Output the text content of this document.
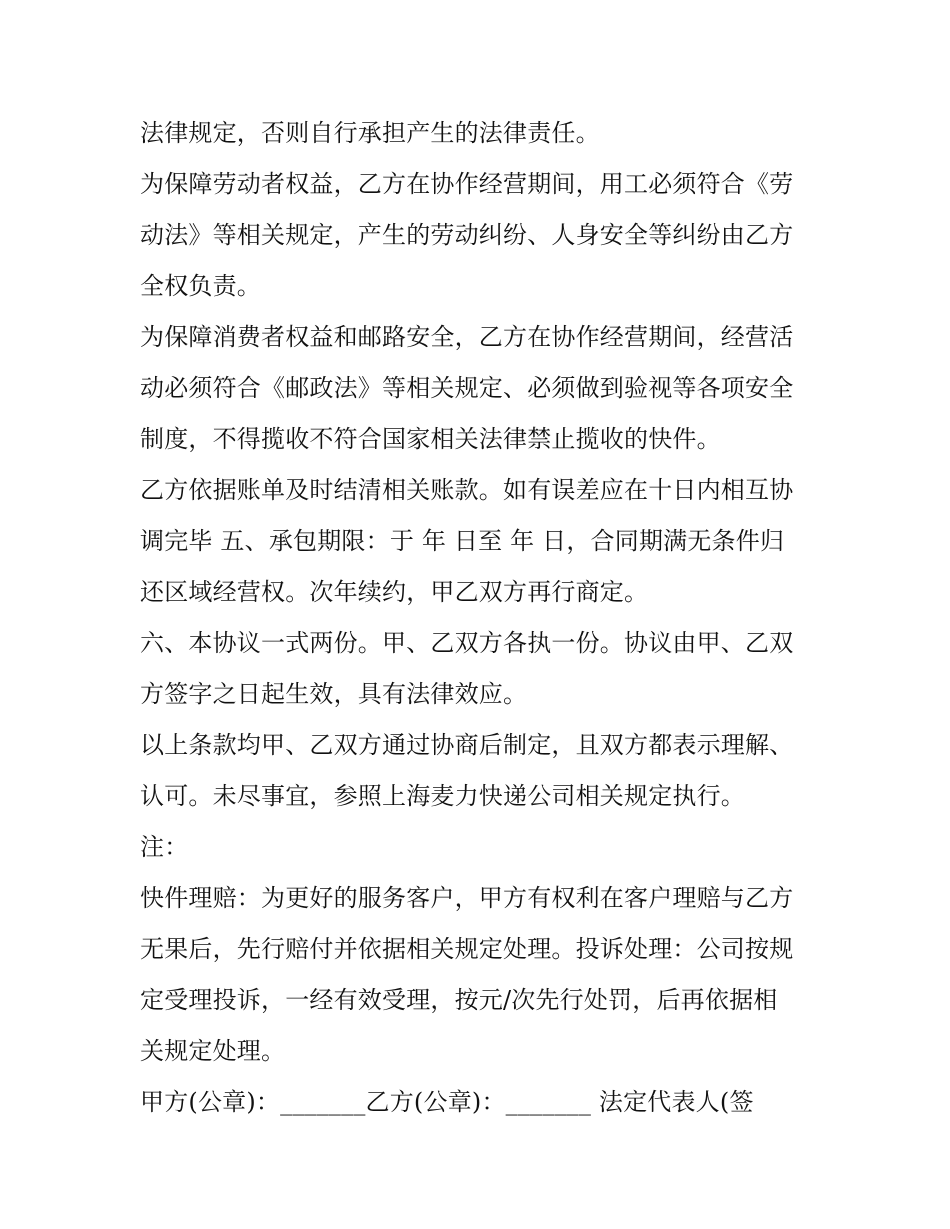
法律规定，否则自行承担产生的法律责任。
为保障劳动者权益，乙方在协作经营期间，用工必须符合《劳
动法》等相关规定，产生的劳动纠纷、人身安全等纠纷由乙方
全权负责。
为保障消费者权益和邮路安全，乙方在协作经营期间，经营活
动必须符合《邮政法》等相关规定、必须做到验视等各项安全
制度，不得揽收不符合国家相关法律禁止揽收的快件。
乙方依据账单及时结清相关账款。如有误差应在十日内相互协
调完毕 五、承包期限：于 年 日至 年 日，合同期满无条件归
还区域经营权。次年续约，甲乙双方再行商定。
六、本协议一式两份。甲、乙双方各执一份。协议由甲、乙双
方签字之日起生效，具有法律效应。
以上条款均甲、乙双方通过协商后制定，且双方都表示理解、
认可。未尽事宜，参照上海麦力快递公司相关规定执行。
注：
快件理赔：为更好的服务客户，甲方有权利在客户理赔与乙方
无果后，先行赔付并依据相关规定处理。投诉处理：公司按规
定受理投诉，一经有效受理，按元/次先行处罚，后再依据相
关规定处理。
甲方(公章)：_______乙方(公章)：_______ 法定代表人(签
